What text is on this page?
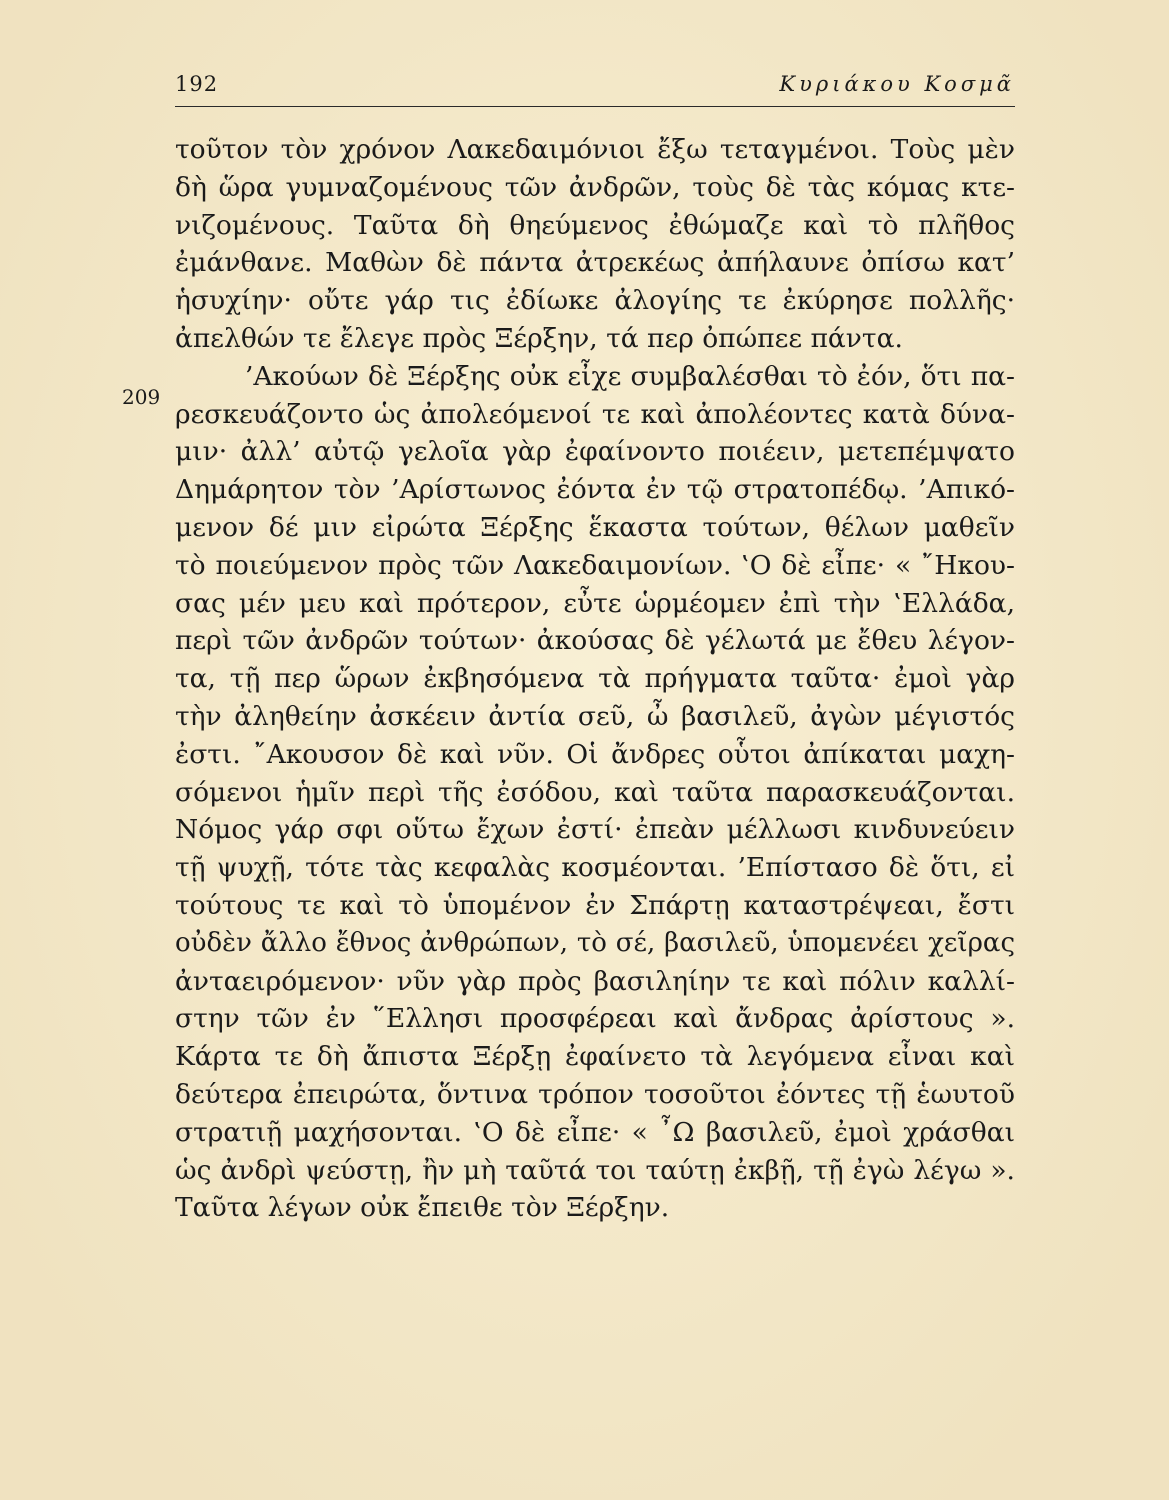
192	Κυριάκου Κοσμᾶ
209
τοῦτον τὸν χρόνον Λακεδαιμόνιοι ἔξω τεταγμένοι. Τοὺς μὲν
δὴ ὥρα γυμναζομένους τῶν ἀνδρῶν, τοὺς δὲ τὰς κόμας κτε-
νιζομένους. Ταῦτα δὴ θηεύμενος ἐθώμαζε καὶ τὸ πλῆθος
ἐμάνθανε. Μαθὼν δὲ πάντα ἀτρεκέως ἀπήλαυνε ὀπίσω κατ’
ἡσυχίην· οὔτε γάρ τις ἐδίωκε ἀλογίης τε ἐκύρησε πολλῆς·
ἀπελθών τε ἔλεγε πρὸς Ξέρξην, τά περ ὀπώπεε πάντα.
’Ακούων δὲ Ξέρξης οὐκ εἶχε συμβαλέσθαι τὸ ἐόν, ὅτι πα-
ρεσκευάζοντο ὡς ἀπολεόμενοί τε καὶ ἀπολέοντες κατὰ δύνα-
μιν· ἀλλ’ αὐτῷ γελοῖα γὰρ ἐφαίνοντο ποιέειν, μετεπέμψατο
Δημάρητον τὸν ’Αρίστωνος ἐόντα ἐν τῷ στρατοπέδῳ. ’Απικό-
μενον δέ μιν εἰρώτα Ξέρξης ἕκαστα τούτων, θέλων μαθεῖν
τὸ ποιεύμενον πρὸς τῶν Λακεδαιμονίων. ‛Ο δὲ εἶπε· « ῎Ηκου-
σας μέν μευ καὶ πρότερον, εὖτε ὡρμέομεν ἐπὶ τὴν ‛Ελλάδα,
περὶ τῶν ἀνδρῶν τούτων· ἀκούσας δὲ γέλωτά με ἔθευ λέγον-
τα, τῇ περ ὥρων ἐκβησόμενα τὰ πρήγματα ταῦτα· ἐμοὶ γὰρ
τὴν ἀληθείην ἀσκέειν ἀντία σεῦ, ὦ βασιλεῦ, ἀγὼν μέγιστός
ἐστι. ῎Ακουσον δὲ καὶ νῦν. Οἱ ἄνδρες οὗτοι ἀπίκαται μαχη-
σόμενοι ἡμῖν περὶ τῆς ἐσόδου, καὶ ταῦτα παρασκευάζονται.
Νόμος γάρ σφι οὕτω ἔχων ἐστί· ἐπεὰν μέλλωσι κινδυνεύειν
τῇ ψυχῇ, τότε τὰς κεφαλὰς κοσμέονται. ’Επίστασο δὲ ὅτι, εἰ
τούτους τε καὶ τὸ ὑπομένον ἐν Σπάρτῃ καταστρέψεαι, ἔστι
οὐδὲν ἄλλο ἔθνος ἀνθρώπων, τὸ σέ, βασιλεῦ, ὑπομενέει χεῖρας
ἀνταειρόμενον· νῦν γὰρ πρὸς βασιληίην τε καὶ πόλιν καλλί-
στην τῶν ἐν ῞Ελλησι προσφέρεαι καὶ ἄνδρας ἀρίστους ».
Κάρτα τε δὴ ἄπιστα Ξέρξῃ ἐφαίνετο τὰ λεγόμενα εἶναι καὶ
δεύτερα ἐπειρώτα, ὅντινα τρόπον τοσοῦτοι ἐόντες τῇ ἑωυτοῦ
στρατιῇ μαχήσονται. ‛Ο δὲ εἶπε· « ῏Ω βασιλεῦ, ἐμοὶ χράσθαι
ὡς ἀνδρὶ ψεύστῃ, ἢν μὴ ταῦτά τοι ταύτῃ ἐκβῇ, τῇ ἐγὼ λέγω ».
Ταῦτα λέγων οὐκ ἔπειθε τὸν Ξέρξην.
